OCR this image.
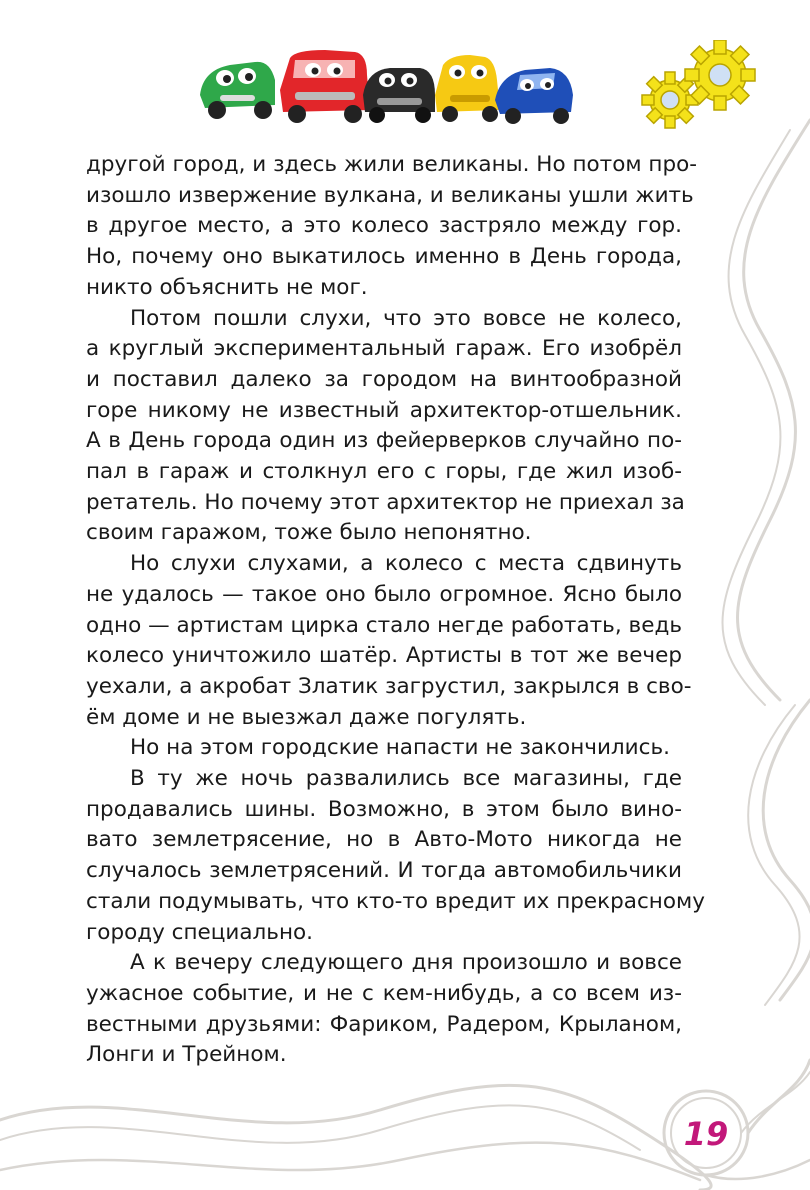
другой город, и здесь жили великаны. Но потом про-
изошло извержение вулкана, и великаны ушли жить
в другое место, а это колесо застряло между гор.
Но, почему оно выкатилось именно в День города,
никто объяснить не мог.
Потом пошли слухи, что это вовсе не колесо,
а круглый экспериментальный гараж. Его изобрёл
и поставил далеко за городом на винтообразной
горе никому не известный архитектор-отшельник.
А в День города один из фейерверков случайно по-
пал в гараж и столкнул его с горы, где жил изоб-
ретатель. Но почему этот архитектор не приехал за
своим гаражом, тоже было непонятно.
Но слухи слухами, а колесо с места сдвинуть
не удалось — такое оно было огромное. Ясно было
одно — артистам цирка стало негде работать, ведь
колесо уничтожило шатёр. Артисты в тот же вечер
уехали, а акробат Златик загрустил, закрылся в сво-
ём доме и не выезжал даже погулять.
Но на этом городские напасти не закончились.
В ту же ночь развалились все магазины, где
продавались шины. Возможно, в этом было вино-
вато землетрясение, но в Авто-Мото никогда не
случалось землетрясений. И тогда автомобильчики
стали подумывать, что кто-то вредит их прекрасному
городу специально.
А к вечеру следующего дня произошло и вовсе
ужасное событие, и не с кем-нибудь, а со всем из-
вестными друзьями: Фариком, Радером, Крыланом,
Лонги и Трейном.
19
